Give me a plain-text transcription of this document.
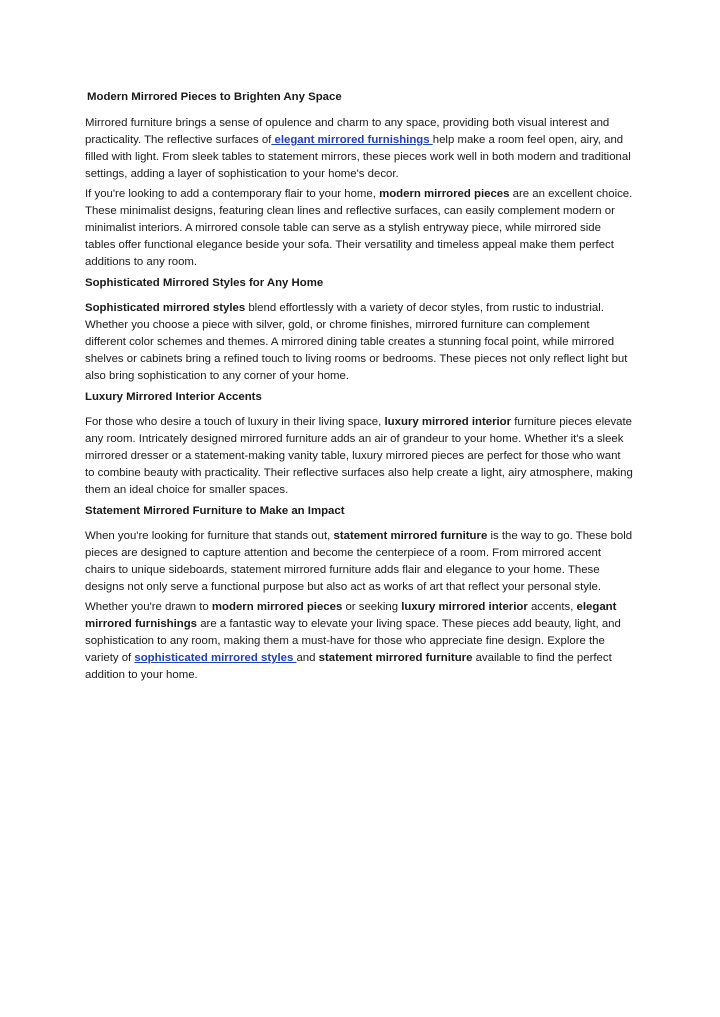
Modern Mirrored Pieces to Brighten Any Space
Mirrored furniture brings a sense of opulence and charm to any space, providing both visual interest and practicality. The reflective surfaces of elegant mirrored furnishings help make a room feel open, airy, and filled with light. From sleek tables to statement mirrors, these pieces work well in both modern and traditional settings, adding a layer of sophistication to your home's decor.
If you're looking to add a contemporary flair to your home, modern mirrored pieces are an excellent choice. These minimalist designs, featuring clean lines and reflective surfaces, can easily complement modern or minimalist interiors. A mirrored console table can serve as a stylish entryway piece, while mirrored side tables offer functional elegance beside your sofa. Their versatility and timeless appeal make them perfect additions to any room.
Sophisticated Mirrored Styles for Any Home
Sophisticated mirrored styles blend effortlessly with a variety of decor styles, from rustic to industrial. Whether you choose a piece with silver, gold, or chrome finishes, mirrored furniture can complement different color schemes and themes. A mirrored dining table creates a stunning focal point, while mirrored shelves or cabinets bring a refined touch to living rooms or bedrooms. These pieces not only reflect light but also bring sophistication to any corner of your home.
Luxury Mirrored Interior Accents
For those who desire a touch of luxury in their living space, luxury mirrored interior furniture pieces elevate any room. Intricately designed mirrored furniture adds an air of grandeur to your home. Whether it's a sleek mirrored dresser or a statement-making vanity table, luxury mirrored pieces are perfect for those who want to combine beauty with practicality. Their reflective surfaces also help create a light, airy atmosphere, making them an ideal choice for smaller spaces.
Statement Mirrored Furniture to Make an Impact
When you're looking for furniture that stands out, statement mirrored furniture is the way to go. These bold pieces are designed to capture attention and become the centerpiece of a room. From mirrored accent chairs to unique sideboards, statement mirrored furniture adds flair and elegance to your home. These designs not only serve a functional purpose but also act as works of art that reflect your personal style.
Whether you're drawn to modern mirrored pieces or seeking luxury mirrored interior accents, elegant mirrored furnishings are a fantastic way to elevate your living space. These pieces add beauty, light, and sophistication to any room, making them a must-have for those who appreciate fine design. Explore the variety of sophisticated mirrored styles and statement mirrored furniture available to find the perfect addition to your home.
